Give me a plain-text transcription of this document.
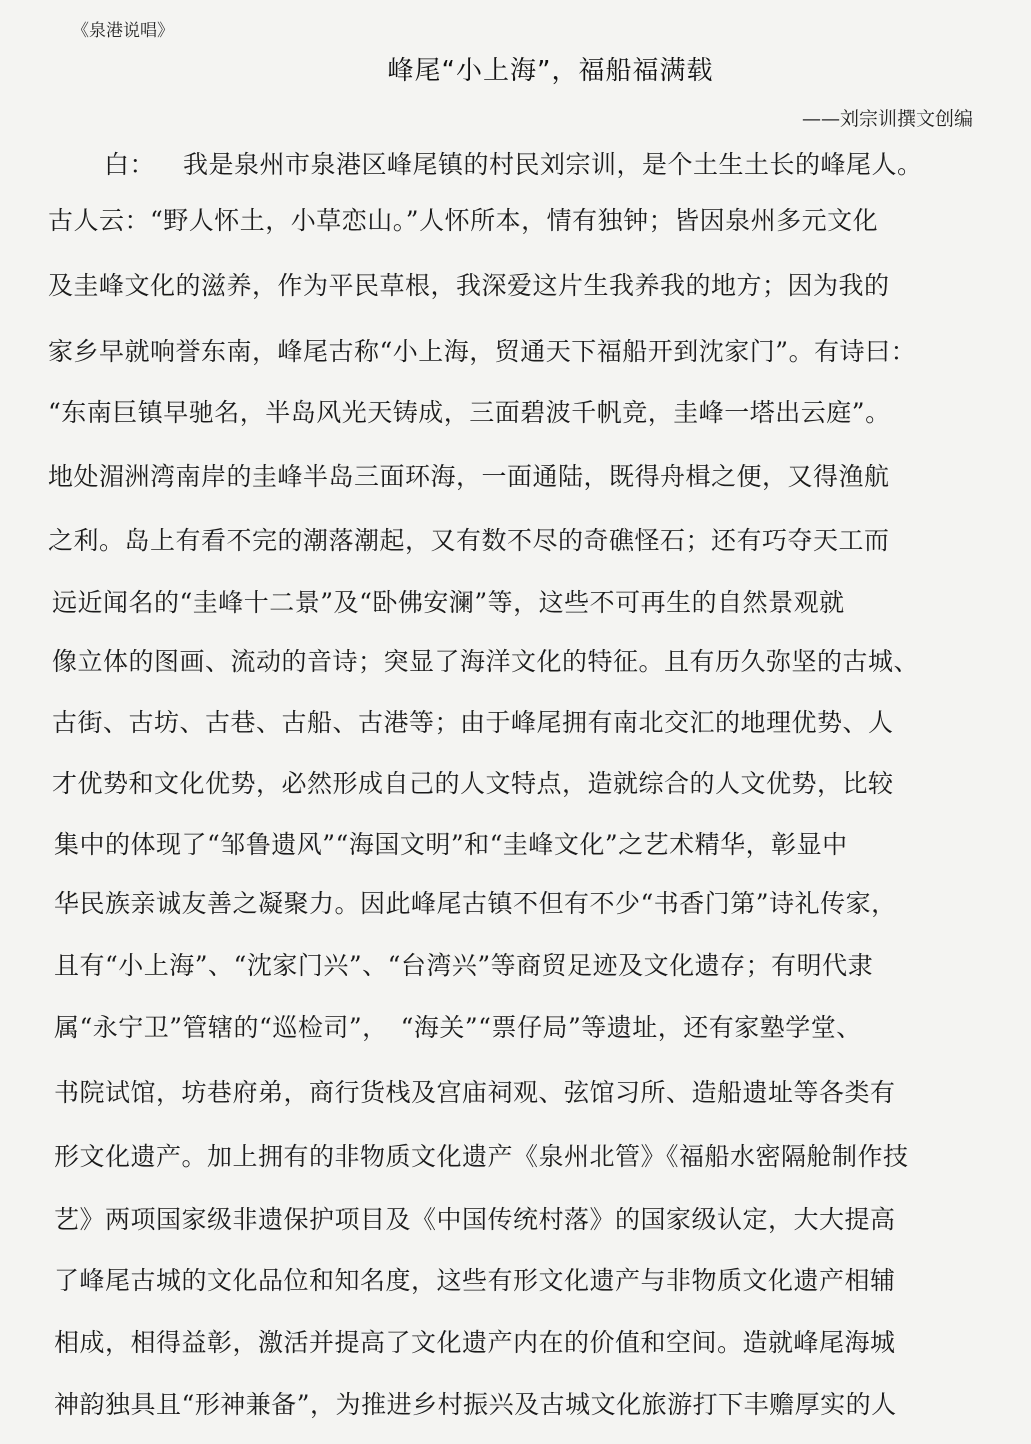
《泉港说唱》
峰尾“小上海”，福船福满载
——刘宗训撰文创编
白： 我是泉州市泉港区峰尾镇的村民刘宗训，是个土生土长的峰尾人。
古人云：“野人怀土，小草恋山。”人怀所本，情有独钟；皆因泉州多元文化
及圭峰文化的滋养，作为平民草根，我深爱这片生我养我的地方；因为我的
家乡早就响誉东南，峰尾古称“小上海，贸通天下福船开到沈家门”。有诗曰：
“东南巨镇早驰名，半岛风光天铸成，三面碧波千帆竞，圭峰一塔出云庭”。
地处湄洲湾南岸的圭峰半岛三面环海，一面通陆，既得舟楫之便，又得渔航
之利。岛上有看不完的潮落潮起，又有数不尽的奇礁怪石；还有巧夺天工而
远近闻名的“圭峰十二景”及“卧佛安澜”等，这些不可再生的自然景观就
像立体的图画、流动的音诗；突显了海洋文化的特征。且有历久弥坚的古城、
古街、古坊、古巷、古船、古港等；由于峰尾拥有南北交汇的地理优势、人
才优势和文化优势，必然形成自己的人文特点，造就综合的人文优势，比较
集中的体现了“邹鲁遗风”“海国文明”和“圭峰文化”之艺术精华，彰显中
华民族亲诚友善之凝聚力。因此峰尾古镇不但有不少“书香门第”诗礼传家，
且有“小上海”、“沈家门兴”、“台湾兴”等商贸足迹及文化遗存；有明代隶
属“永宁卫”管辖的“巡检司”，　“海关”“票仔局”等遗址，还有家塾学堂、
书院试馆，坊巷府弟，商行货栈及宫庙祠观、弦馆习所、造船遗址等各类有
形文化遗产。加上拥有的非物质文化遗产《泉州北管》《福船水密隔舱制作技
艺》两项国家级非遗保护项目及《中国传统村落》的国家级认定，大大提高
了峰尾古城的文化品位和知名度，这些有形文化遗产与非物质文化遗产相辅
相成，相得益彰，激活并提高了文化遗产内在的价值和空间。造就峰尾海城
神韵独具且“形神兼备”，为推进乡村振兴及古城文化旅游打下丰赡厚实的人
